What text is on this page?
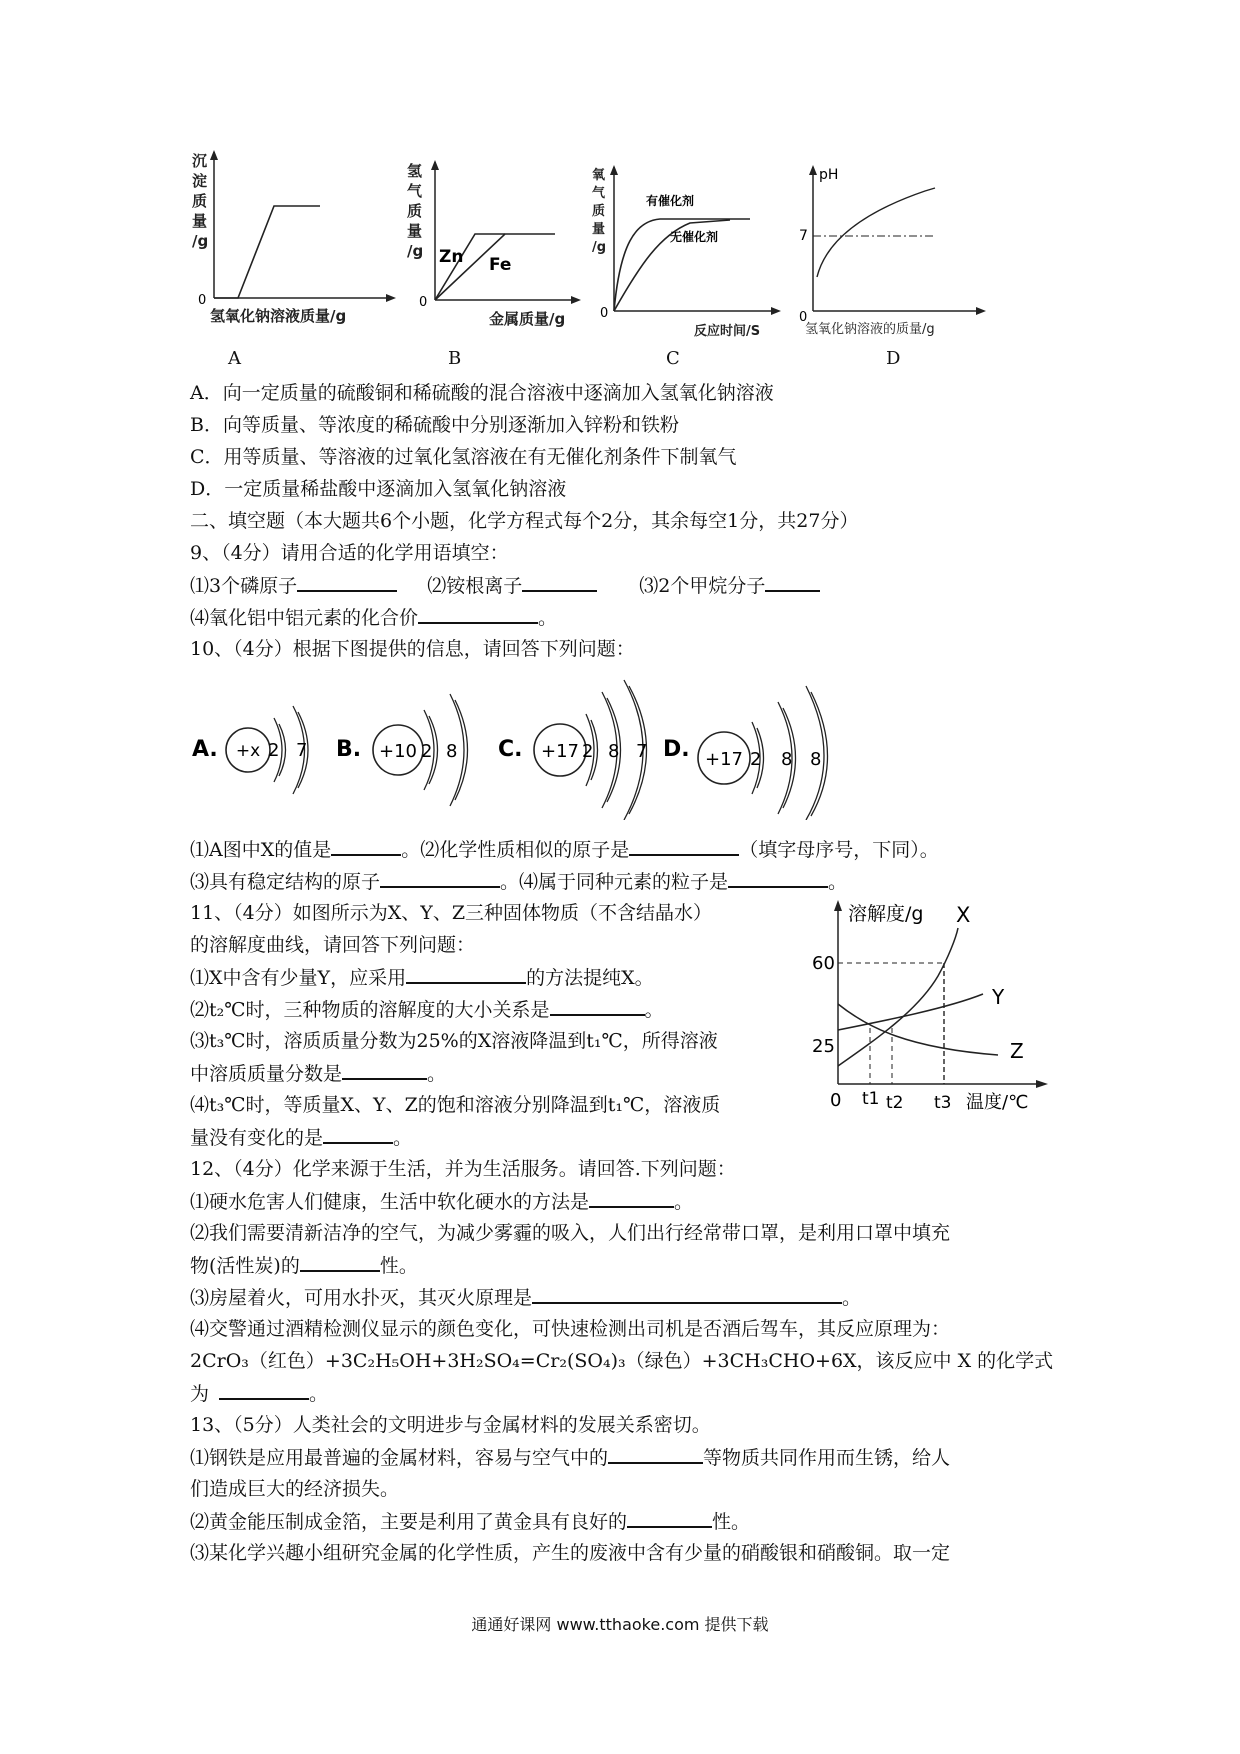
沉
淀
质
量
/g
0
氢氧化钠溶液质量/g
氢
气
质
量
/g
0
Zn Fe
金属质量/g
氧
气
质
量
/g
0
有催化剂
无催化剂
反应时间/S
pH
0
7
氢氧化钠溶液的质量/g
A	B	C	D
A．向一定质量的硫酸铜和稀硫酸的混合溶液中逐滴加入氢氧化钠溶液
B．向等质量、等浓度的稀硫酸中分别逐渐加入锌粉和铁粉
C．用等质量、等溶液的过氧化氢溶液在有无催化剂条件下制氧气
D．一定质量稀盐酸中逐滴加入氢氧化钠溶液
二、填空题（本大题共6个小题，化学方程式每个2分，其余每空1分，共27分）
9、（4分）请用合适的化学用语填空：
⑴3个磷原子	⑵铵根离子	⑶2个甲烷分子
⑷氧化铝中铝元素的化合价	。
10、（4分）根据下图提供的信息，请回答下列问题：
A. +x 2 7 B. +10 2 8 C. +17 2 8 7 D. +17 2 8 8
⑴A图中X的值是	。⑵化学性质相似的原子是	（填字母序号，下同）。
⑶具有稳定结构的原子	。⑷属于同种元素的粒子是	。
11、（4分）如图所示为X、Y、Z三种固体物质（不含结晶水）
的溶解度曲线，请回答下列问题：
⑴X中含有少量Y，应采用	的方法提纯X。
⑵t₂℃时，三种物质的溶解度的大小关系是	。
⑶t₃℃时，溶质质量分数为25%的X溶液降温到t₁℃，所得溶液
中溶质质量分数是	。
⑷t₃℃时，等质量X、Y、Z的饱和溶液分别降温到t₁℃，溶液质
量没有变化的是	。
溶解度/g X
60
25
Y
Z
0 t1 t2 t3 温度/℃
12、（4分）化学来源于生活，并为生活服务。请回答.下列问题：
⑴硬水危害人们健康，生活中软化硬水的方法是	。
⑵我们需要清新洁净的空气，为减少雾霾的吸入，人们出行经常带口罩，是利用口罩中填充
物(活性炭)的	性。
⑶房屋着火，可用水扑灭，其灭火原理是	。
⑷交警通过酒精检测仪显示的颜色变化，可快速检测出司机是否酒后驾车，其反应原理为：
2CrO₃（红色）+3C₂H₅OH+3H₂SO₄=Cr₂(SO₄)₃（绿色）+3CH₃CHO+6X，该反应中 X 的化学式
为	。
13、（5分）人类社会的文明进步与金属材料的发展关系密切。
⑴钢铁是应用最普遍的金属材料，容易与空气中的	等物质共同作用而生锈，给人
们造成巨大的经济损失。
⑵黄金能压制成金箔，主要是利用了黄金具有良好的	性。
⑶某化学兴趣小组研究金属的化学性质，产生的废液中含有少量的硝酸银和硝酸铜。取一定
通通好课网 www.tthaoke.com 提供下载
